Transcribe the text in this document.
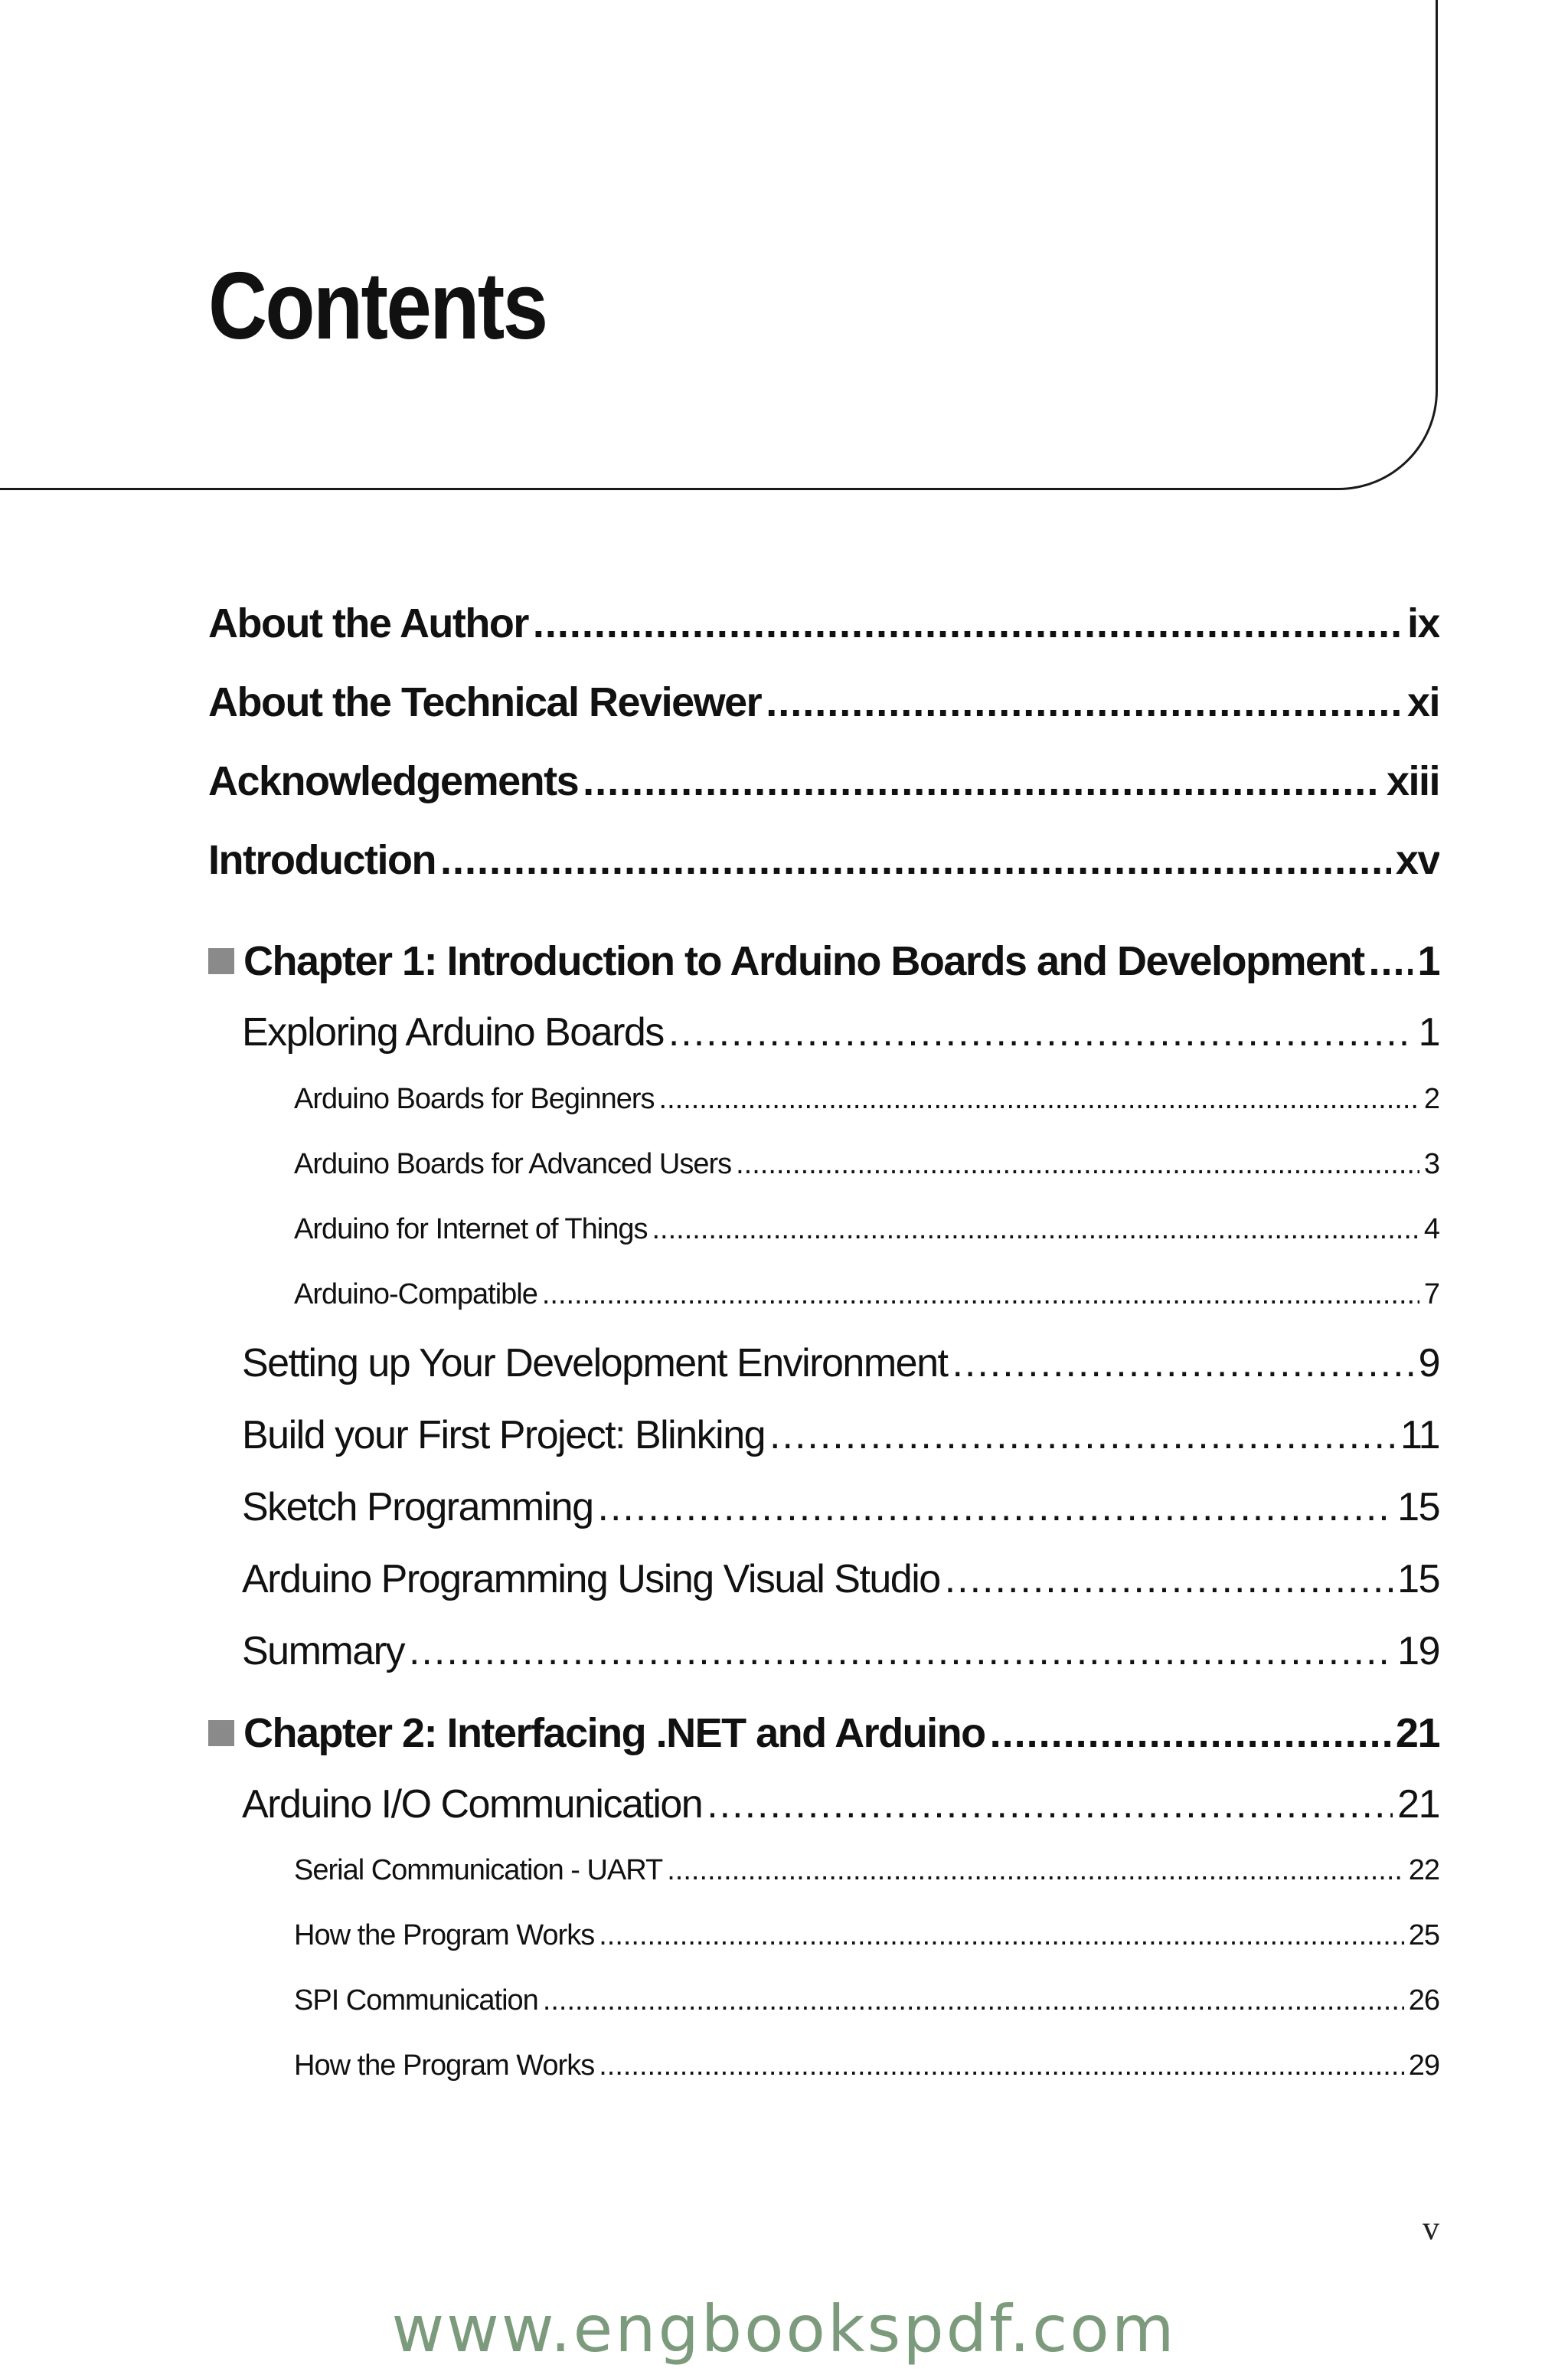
Contents
About the Author .....	ix
About the Technical Reviewer .....	xi
Acknowledgements .....	xiii
Introduction .....	xv
Chapter 1: Introduction to Arduino Boards and Development ..... 1
Exploring Arduino Boards .....	1
Arduino Boards for Beginners .....	2
Arduino Boards for Advanced Users .....	3
Arduino for Internet of Things .....	4
Arduino-Compatible .....	7
Setting up Your Development Environment .....	9
Build your First Project: Blinking .....	11
Sketch Programming .....	15
Arduino Programming Using Visual Studio .....	15
Summary .....	19
Chapter 2: Interfacing .NET and Arduino .....	21
Arduino I/O Communication .....	21
Serial Communication - UART .....	22
How the Program Works .....	25
SPI Communication .....	26
How the Program Works .....	29
v
www.engbookspdf.com
